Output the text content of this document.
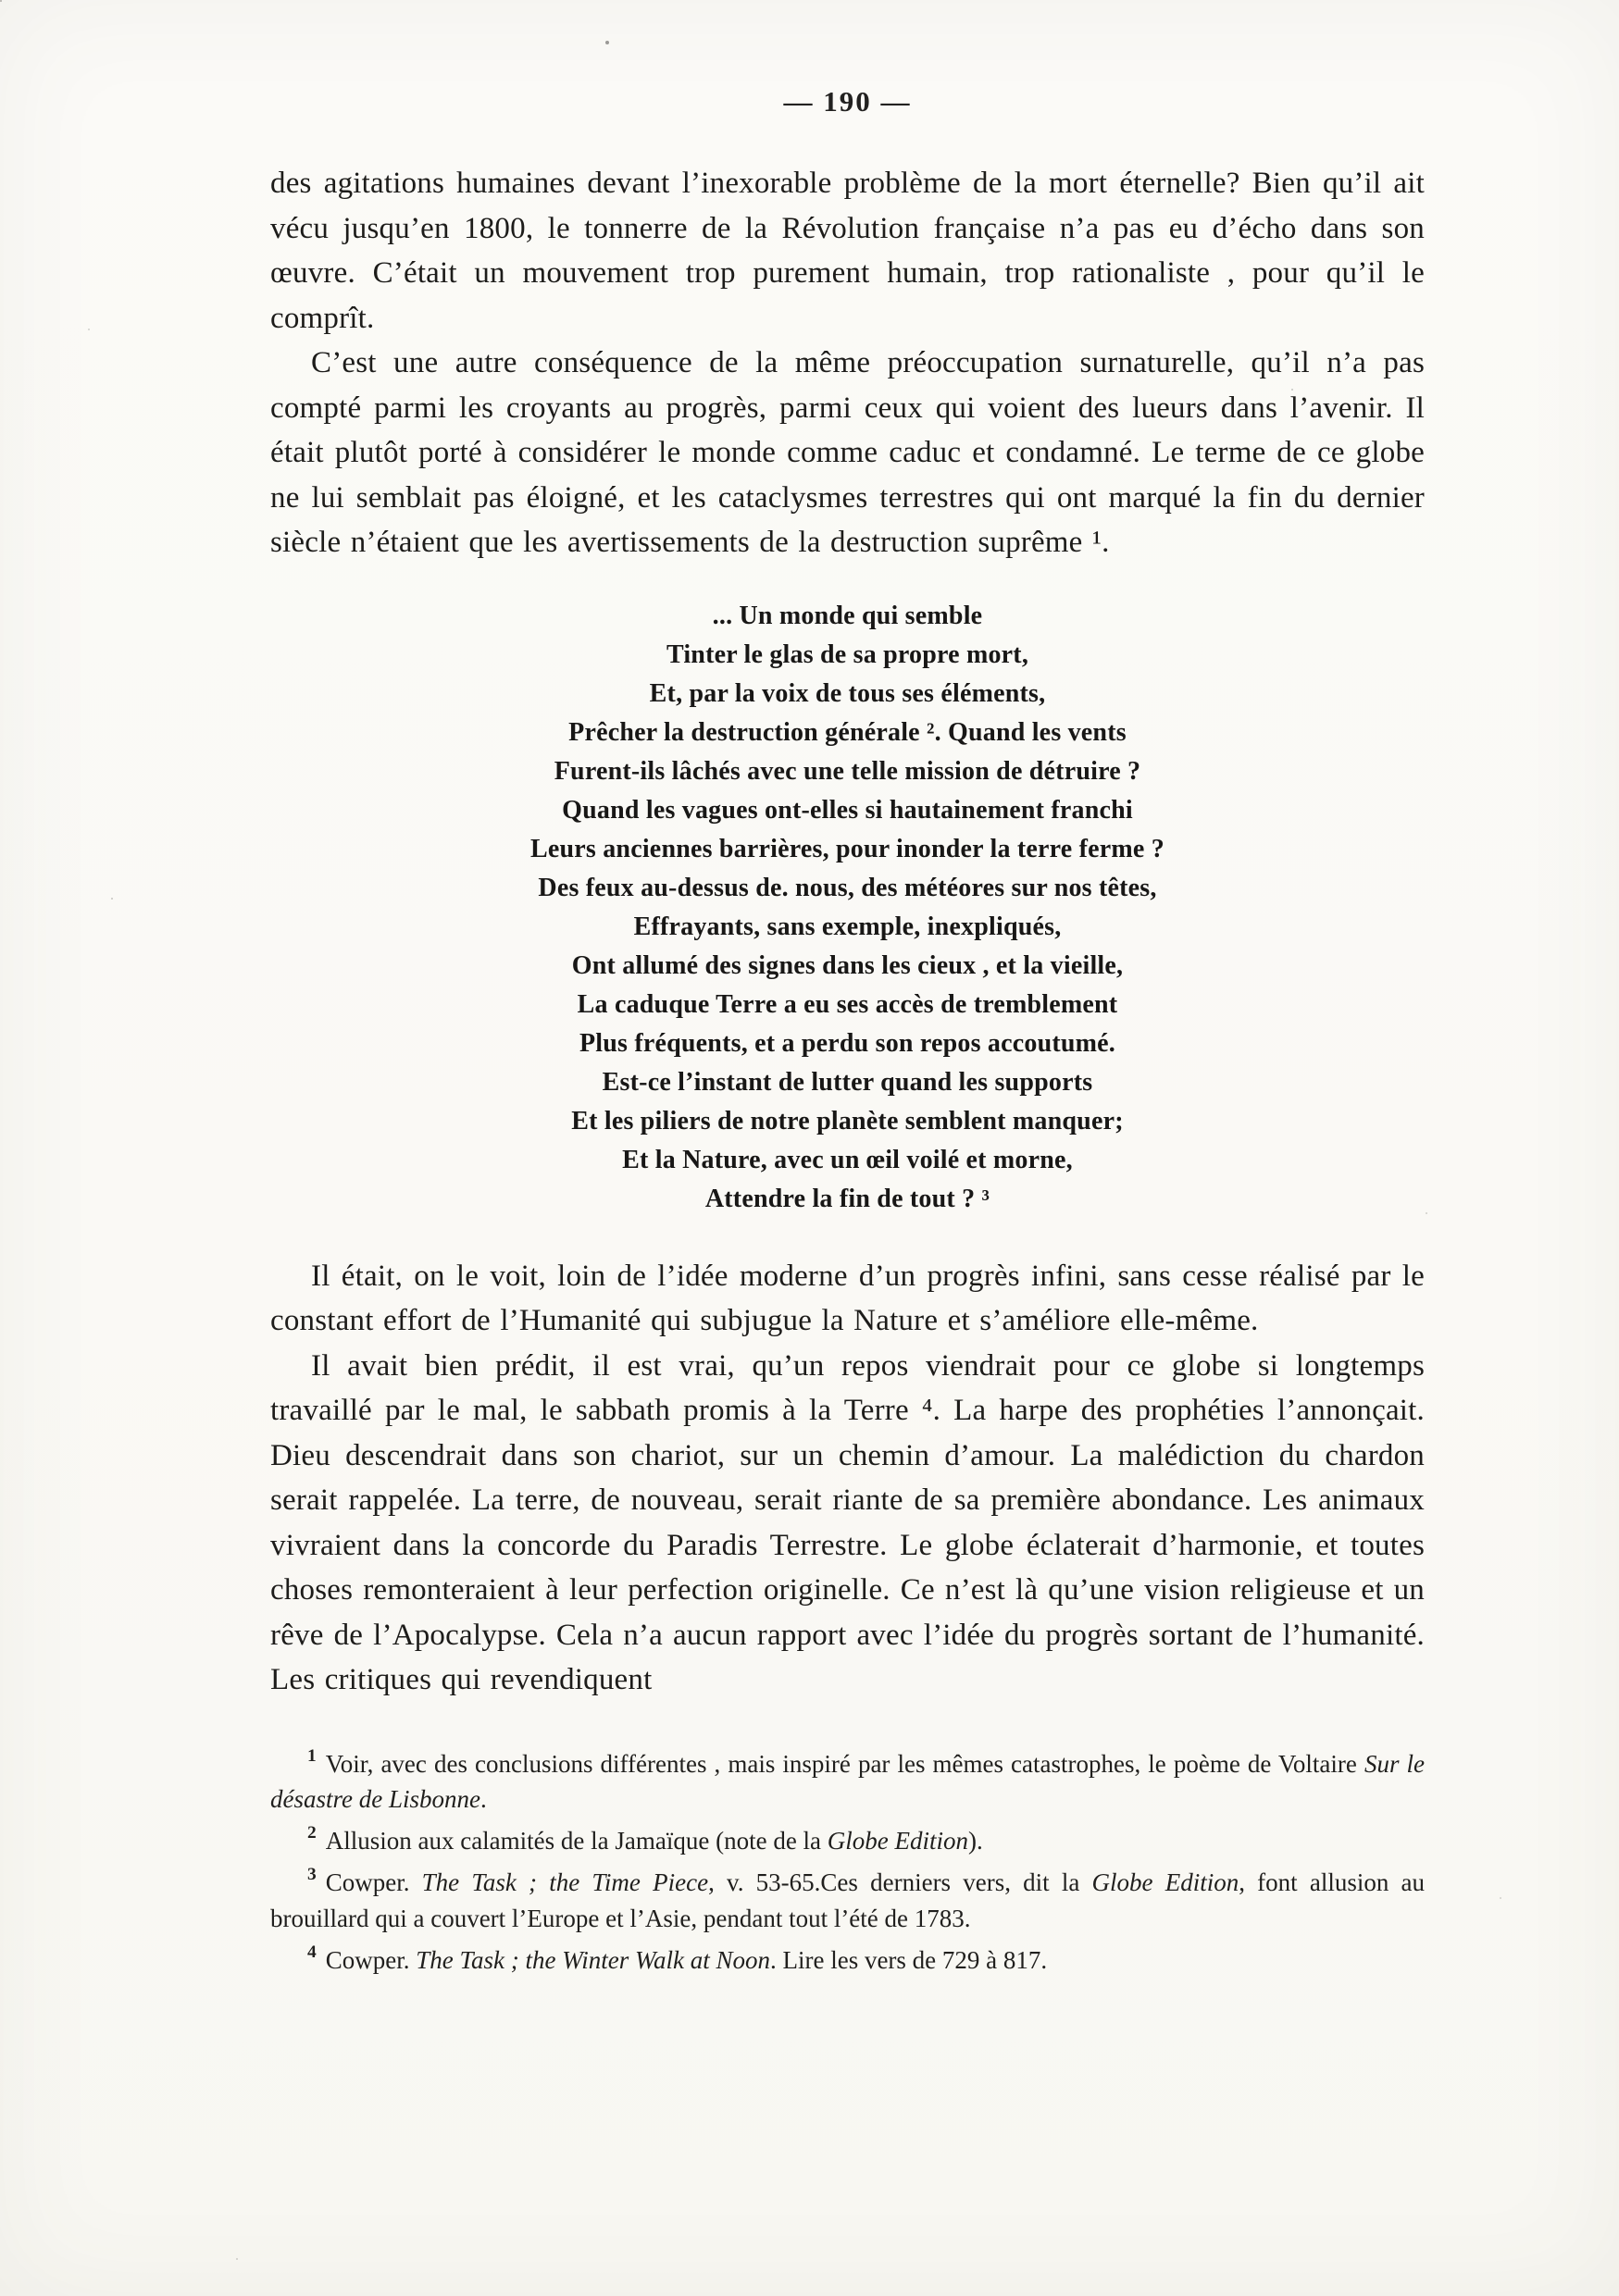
— 190 —

des agitations humaines devant l’inexorable problème de la mort éternelle? Bien qu’il ait vécu jusqu’en 1800, le tonnerre de la Révolution française n’a pas eu d’écho dans son œuvre. C’était un mouvement trop purement humain, trop rationaliste , pour qu’il le comprît.

C’est une autre conséquence de la même préoccupation surnaturelle, qu’il n’a pas compté parmi les croyants au progrès, parmi ceux qui voient des lueurs dans l’avenir. Il était plutôt porté à considérer le monde comme caduc et condamné. Le terme de ce globe ne lui semblait pas éloigné, et les cataclysmes terrestres qui ont marqué la fin du dernier siècle n’étaient que les avertissements de la destruction suprême ¹.

... Un monde qui semble
Tinter le glas de sa propre mort,
Et, par la voix de tous ses éléments,
Prêcher la destruction générale ². Quand les vents
Furent-ils lâchés avec une telle mission de détruire ?
Quand les vagues ont-elles si hautainement franchi
Leurs anciennes barrières, pour inonder la terre ferme ?
Des feux au-dessus de. nous, des météores sur nos têtes,
Effrayants, sans exemple, inexpliqués,
Ont allumé des signes dans les cieux , et la vieille,
La caduque Terre a eu ses accès de tremblement
Plus fréquents, et a perdu son repos accoutumé.
Est-ce l’instant de lutter quand les supports
Et les piliers de notre planète semblent manquer;
Et la Nature, avec un œil voilé et morne,
Attendre la fin de tout ? ³

Il était, on le voit, loin de l’idée moderne d’un progrès infini, sans cesse réalisé par le constant effort de l’Humanité qui subjugue la Nature et s’améliore elle-même.

Il avait bien prédit, il est vrai, qu’un repos viendrait pour ce globe si longtemps travaillé par le mal, le sabbath promis à la Terre ⁴. La harpe des prophéties l’annonçait. Dieu descendrait dans son chariot, sur un chemin d’amour. La malédiction du chardon serait rappelée. La terre, de nouveau, serait riante de sa première abondance. Les animaux vivraient dans la concorde du Paradis Terrestre. Le globe éclaterait d’harmonie, et toutes choses remonteraient à leur perfection originelle. Ce n’est là qu’une vision religieuse et un rêve de l’Apocalypse. Cela n’a aucun rapport avec l’idée du progrès sortant de l’humanité. Les critiques qui revendiquent

$^1$ Voir, avec des conclusions différentes , mais inspiré par les mêmes catastrophes, le poème de Voltaire Sur le désastre de Lisbonne.

$^2$ Allusion aux calamités de la Jamaïque (note de la Globe Edition).

$^3$ Cowper. The Task ; the Time Piece, v. 53-65.Ces derniers vers, dit la Globe Edition, font allusion au brouillard qui a couvert l’Europe et l’Asie, pendant tout l’été de 1783.

$^4$ Cowper. The Task ; the Winter Walk at Noon. Lire les vers de 729 à 817.
